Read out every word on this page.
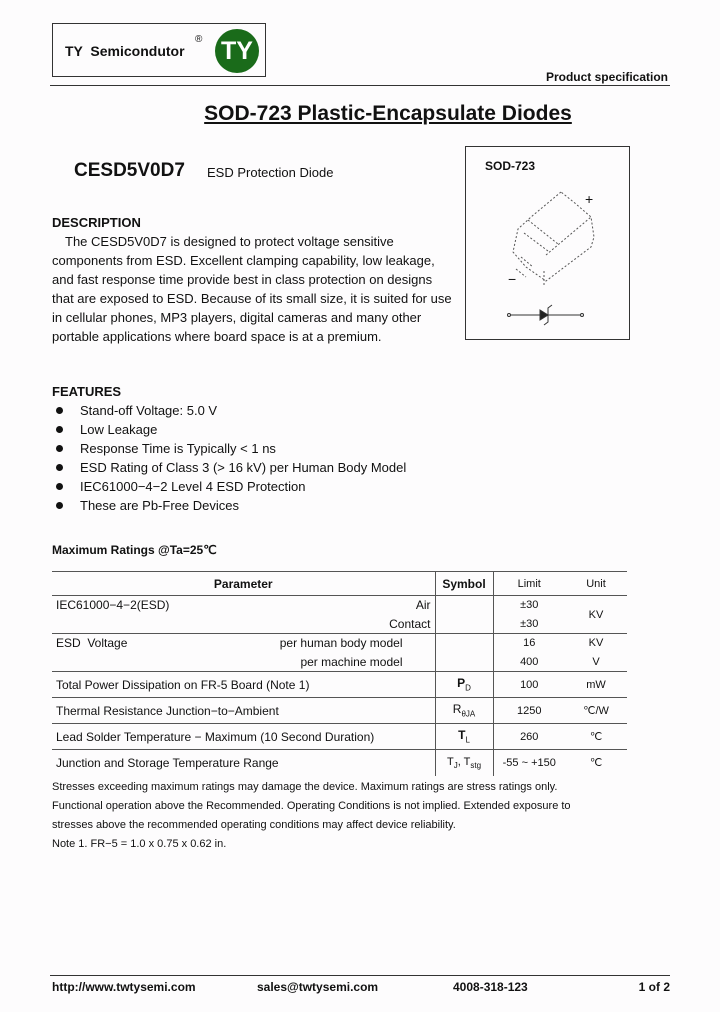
TY  Semicondutor
® TY
Product specification
SOD-723 Plastic-Encapsulate Diodes
CESD5V0D7 ESD Protection Diode	SOD-723
+
−
DESCRIPTION
The CESD5V0D7 is designed to protect voltage sensitive components from ESD. Excellent clamping capability, low leakage, and fast response time provide best in class protection on designs that are exposed to ESD. Because of its small size, it is suited for use in cellular phones, MP3 players, digital cameras and many other portable applications where board space is at a premium.
FEATURES
Stand-off Voltage: 5.0 V
Low Leakage
Response Time is Typically < 1 ns
ESD Rating of Class 3 (> 16 kV) per Human Body Model
IEC61000−4−2 Level 4 ESD Protection
These are Pb-Free Devices
Maximum Ratings @Ta=25℃
Parameter	Symbol	Limit	Unit
IEC61000−4−2(ESD) Air		±30	KV
Contact		±30	
ESD  Voltage per human body model		16	KV
per machine model		400	V
Total Power Dissipation on FR-5 Board (Note 1)	$P_D$	100	mW
Thermal Resistance Junction−to−Ambient	$R_{\theta JA}$	1250	℃/W
Lead Solder Temperature − Maximum (10 Second Duration)	$T_L$	260	℃
Junction and Storage Temperature Range	$T_J$, $T_{stg}$	-55 ~ +150	℃
Stresses exceeding maximum ratings may damage the device. Maximum ratings are stress ratings only.
Functional operation above the Recommended. Operating Conditions is not implied. Extended exposure to
stresses above the recommended operating conditions may affect device reliability.
Note 1. FR−5 = 1.0 x 0.75 x 0.62 in.
http://www.twtysemi.com	sales@twtysemi.com	4008-318-123	1 of 2
